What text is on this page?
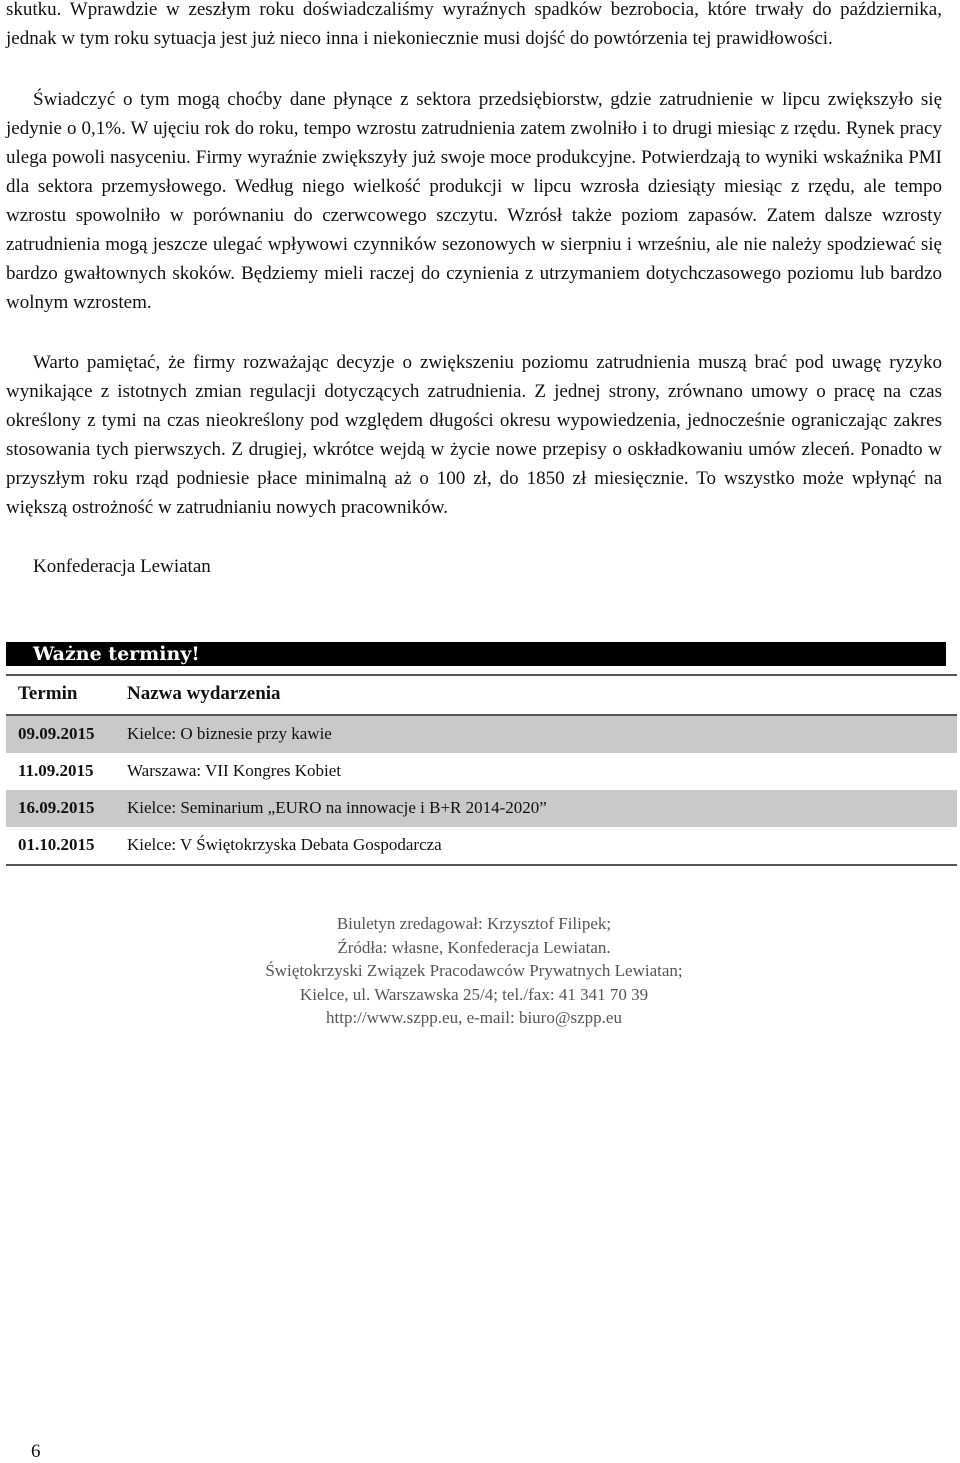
skutku. Wprawdzie w zeszłym roku doświadczaliśmy wyraźnych spadków bezrobocia, które trwały do października, jednak w tym roku sytuacja jest już nieco inna i niekoniecznie musi dojść do powtórzenia tej prawidłowości.

Świadczyć o tym mogą choćby dane płynące z sektora przedsiębiorstw, gdzie zatrudnienie w lipcu zwiększyło się jedynie o 0,1%. W ujęciu rok do roku, tempo wzrostu zatrudnienia zatem zwolniło i to drugi miesiąc z rzędu. Rynek pracy ulega powoli nasyceniu. Firmy wyraźnie zwiększyły już swoje moce produkcyjne. Potwierdzają to wyniki wskaźnika PMI dla sektora przemysłowego. Według niego wielkość produkcji w lipcu wzrosła dziesiąty miesiąc z rzędu, ale tempo wzrostu spowolniło w porównaniu do czerwcowego szczytu. Wzrósł także poziom zapasów. Zatem dalsze wzrosty zatrudnienia mogą jeszcze ulegać wpływowi czynników sezonowych w sierpniu i wrześniu, ale nie należy spodziewać się bardzo gwałtownych skoków. Będziemy mieli raczej do czynienia z utrzymaniem dotychczasowego poziomu lub bardzo wolnym wzrostem.

Warto pamiętać, że firmy rozważając decyzje o zwiększeniu poziomu zatrudnienia muszą brać pod uwagę ryzyko wynikające z istotnych zmian regulacji dotyczących zatrudnienia. Z jednej strony, zrównano umowy o pracę na czas określony z tymi na czas nieokreślony pod względem długości okresu wypowiedzenia, jednocześnie ograniczając zakres stosowania tych pierwszych. Z drugiej, wkrótce wejdą w życie nowe przepisy o oskładkowaniu umów zleceń. Ponadto w przyszłym roku rząd podniesie płace minimalną aż o 100 zł, do 1850 zł miesięcznie. To wszystko może wpłynąć na większą ostrożność w zatrudnianiu nowych pracowników.

Konfederacja Lewiatan

Ważne terminy!
Termin	Nazwa wydarzenia
09.09.2015 Kielce: O biznesie przy kawie
11.09.2015 Warszawa: VII Kongres Kobiet
16.09.2015 Kielce: Seminarium „EURO na innowacje i B+R 2014-2020”
01.10.2015 Kielce: V Świętokrzyska Debata Gospodarcza
Biuletyn zredagował: Krzysztof Filipek;
Źródła: własne, Konfederacja Lewiatan.
Świętokrzyski Związek Pracodawców Prywatnych Lewiatan;
Kielce, ul. Warszawska 25/4; tel./fax: 41 341 70 39
http://www.szpp.eu, e-mail: biuro@szpp.eu
6
